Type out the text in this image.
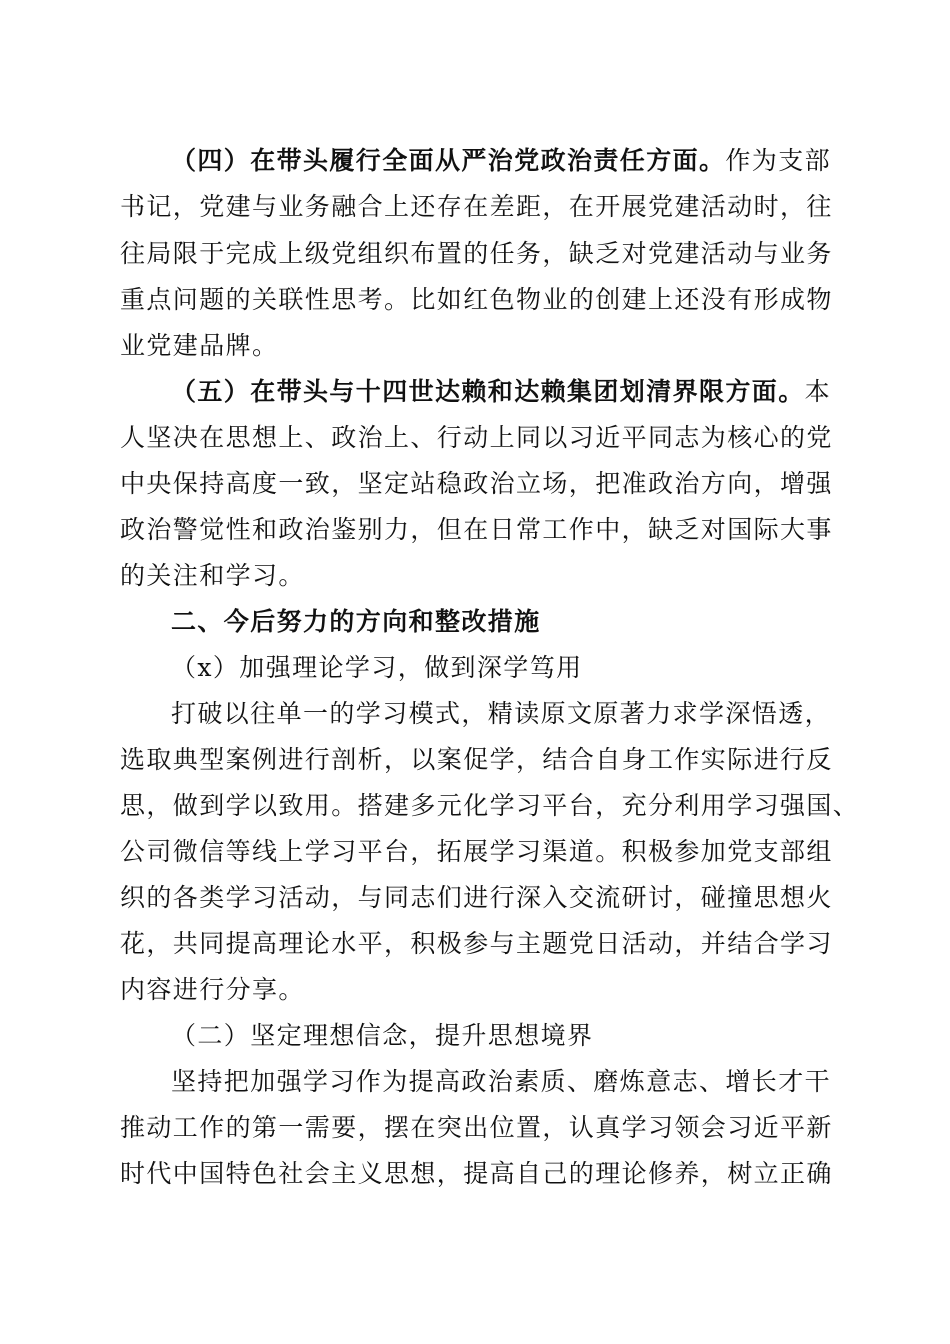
（四）在带头履行全面从严治党政治责任方面。作为支部
书记，党建与业务融合上还存在差距，在开展党建活动时，往
往局限于完成上级党组织布置的任务，缺乏对党建活动与业务
重点问题的关联性思考。比如红色物业的创建上还没有形成物
业党建品牌。
（五）在带头与十四世达赖和达赖集团划清界限方面。本
人坚决在思想上、政治上、行动上同以习近平同志为核心的党
中央保持高度一致，坚定站稳政治立场，把准政治方向，增强
政治警觉性和政治鉴别力，但在日常工作中，缺乏对国际大事
的关注和学习。
二、今后努力的方向和整改措施
（x）加强理论学习，做到深学笃用
打破以往单一的学习模式，精读原文原著力求学深悟透，
选取典型案例进行剖析，以案促学，结合自身工作实际进行反
思，做到学以致用。搭建多元化学习平台，充分利用学习强国、
公司微信等线上学习平台，拓展学习渠道。积极参加党支部组
织的各类学习活动，与同志们进行深入交流研讨，碰撞思想火
花，共同提高理论水平，积极参与主题党日活动，并结合学习
内容进行分享。
（二）坚定理想信念，提升思想境界
坚持把加强学习作为提高政治素质、磨炼意志、增长才干
推动工作的第一需要，摆在突出位置，认真学习领会习近平新
时代中国特色社会主义思想，提高自己的理论修养，树立正确
